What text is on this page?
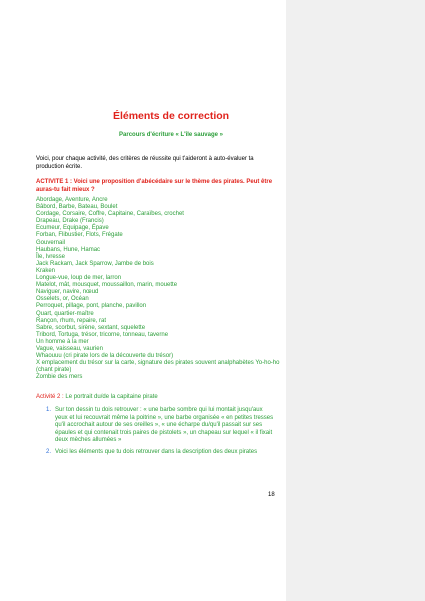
Éléments de correction

Parcours d'écriture « L'île sauvage »

Voici, pour chaque activité, des critères de réussite qui t'aideront à auto-évaluer ta production écrite.

ACTIVITE 1 : Voici une proposition d'abécédaire sur le thème des pirates. Peut être auras-tu fait mieux ?

Abordage, Aventure, Ancre
Bâbord, Barbe, Bateau, Boulet
Cordage, Corsaire, Coffre, Capitaine, Caraïbes, crochet
Drapeau, Drake (Francis)
Ecumeur, Equipage, Épave
Forban, Flibustier, Flots, Frégate
Gouvernail
Haubans, Hune, Hamac
Île, Ivresse
Jack Rackam, Jack Sparrow, Jambe de bois
Kraken
Longue-vue, loup de mer, larron
Matelot, mât, mousquet, moussaillon, marin, mouette
Naviguer, navire, nœud
Osselets, or, Océan
Perroquet, pillage, pont, planche, pavillon
Quart, quartier-maître
Rançon, rhum, repaire, rat
Sabre, scorbut, sirène, sextant, squelette
Tribord, Tortuga, trésor, tricorne, tonneau, taverne
Un homme à la mer
Vague, vaisseau, vaurien
Whaouuu (cri pirate lors de la découverte du trésor)
X emplacement du trésor sur la carte, signature des pirates souvent analphabètes Yo-ho-ho (chant pirate)
Zombie des mers

Activité 2 : Le portrait du/de la capitaine pirate

1. Sur ton dessin tu dois retrouver : « une barbe sombre qui lui montait jusqu'aux yeux et lui recouvrait même la poitrine », une barbe organisée « en petites tresses qu'il accrochait autour de ses oreilles », « une écharpe du/qu'il passait sur ses épaules et qui contenait trois paires de pistolets », un chapeau sur lequel « il fixait deux mèches allumées »
2. Voici les éléments que tu dois retrouver dans la description des deux pirates

18
